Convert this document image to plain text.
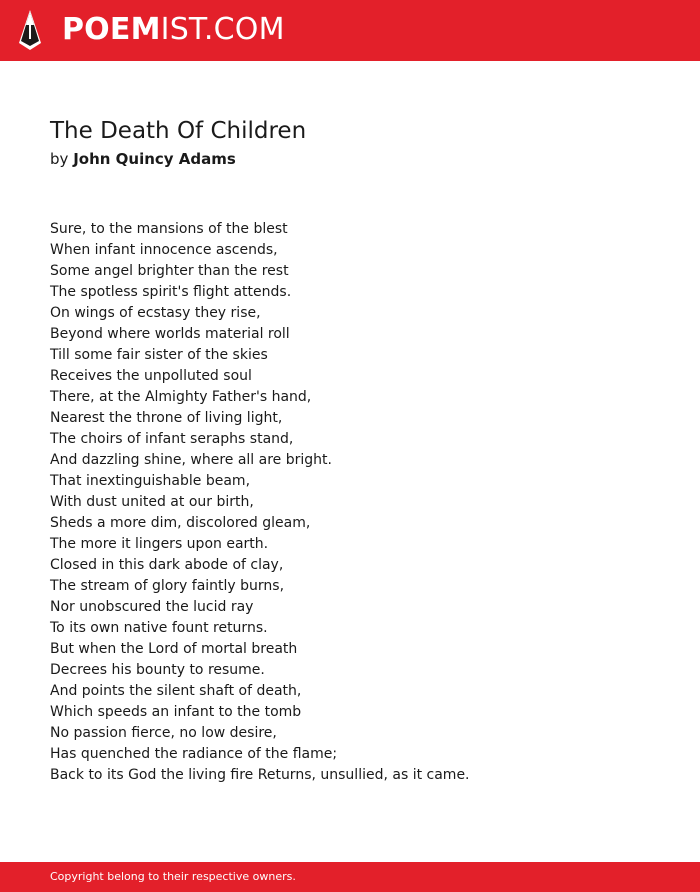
POEMIST.COM
The Death Of Children
by John Quincy Adams
Sure, to the mansions of the blest
When infant innocence ascends,
Some angel brighter than the rest
The spotless spirit's flight attends.
On wings of ecstasy they rise,
Beyond where worlds material roll
Till some fair sister of the skies
Receives the unpolluted soul
There, at the Almighty Father's hand,
Nearest the throne of living light,
The choirs of infant seraphs stand,
And dazzling shine, where all are bright.
That inextinguishable beam,
With dust united at our birth,
Sheds a more dim, discolored gleam,
The more it lingers upon earth.
Closed in this dark abode of clay,
The stream of glory faintly burns,
Nor unobscured the lucid ray
To its own native fount returns.
But when the Lord of mortal breath
Decrees his bounty to resume.
And points the silent shaft of death,
Which speeds an infant to the tomb
No passion fierce, no low desire,
Has quenched the radiance of the flame;
Back to its God the living fire Returns, unsullied, as it came.
Copyright belong to their respective owners.
